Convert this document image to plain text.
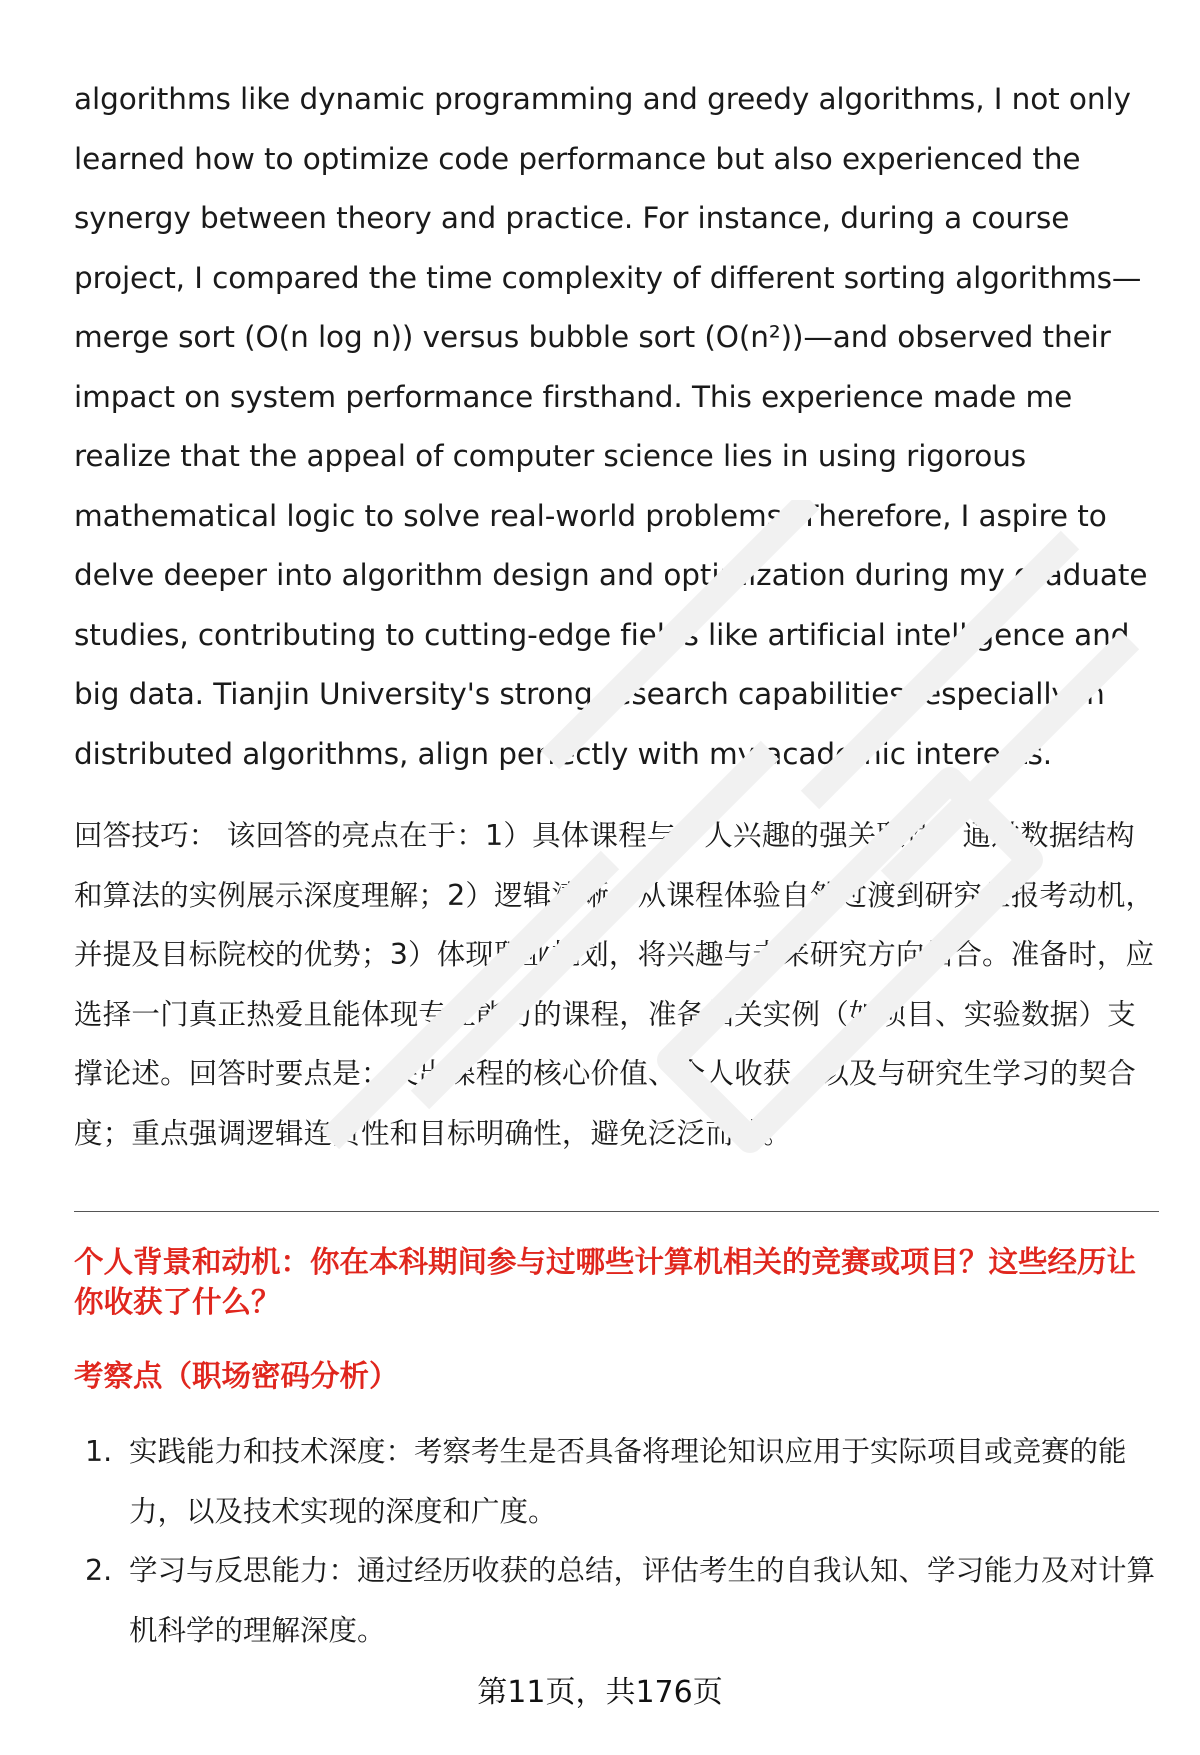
algorithms like dynamic programming and greedy algorithms, I not only learned how to optimize code performance but also experienced the synergy between theory and practice. For instance, during a course project, I compared the time complexity of different sorting algorithms—merge sort (O(n log n)) versus bubble sort (O(n²))—and observed their impact on system performance firsthand. This experience made me realize that the appeal of computer science lies in using rigorous mathematical logic to solve real-world problems. Therefore, I aspire to delve deeper into algorithm design and optimization during my graduate studies, contributing to cutting-edge fields like artificial intelligence and big data. Tianjin University's strong research capabilities, especially in distributed algorithms, align perfectly with my academic interests.

回答技巧： 该回答的亮点在于：1）具体课程与个人兴趣的强关联性，通过数据结构和算法的实例展示深度理解；2）逻辑清晰，从课程体验自然过渡到研究生报考动机，并提及目标院校的优势；3）体现职业规划，将兴趣与未来研究方向结合。准备时，应选择一门真正热爱且能体现专业能力的课程，准备相关实例（如项目、实验数据）支撑论述。回答时要点是：突出课程的核心价值、个人收获，以及与研究生学习的契合度；重点强调逻辑连贯性和目标明确性，避免泛泛而谈。

个人背景和动机：你在本科期间参与过哪些计算机相关的竞赛或项目？这些经历让你收获了什么？
考察点（职场密码分析）
1. 实践能力和技术深度：考察考生是否具备将理论知识应用于实际项目或竞赛的能力，以及技术实现的深度和广度。
2. 学习与反思能力：通过经历收获的总结，评估考生的自我认知、学习能力及对计算机科学的理解深度。
第11页，共176页
